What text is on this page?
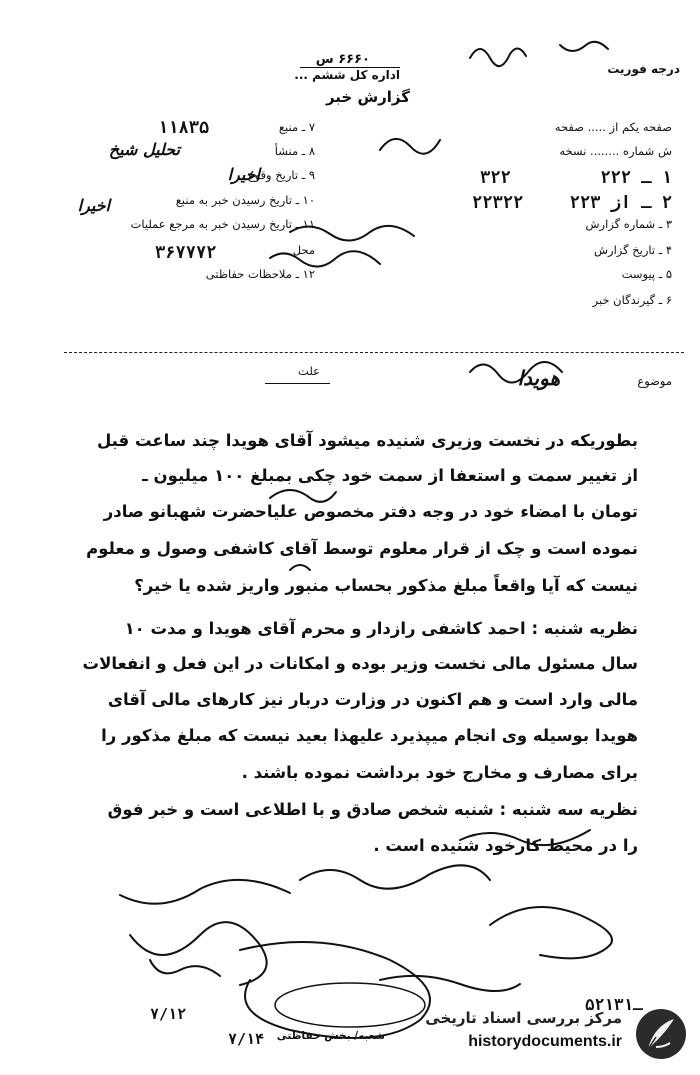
درجه فوریت
۶۶۶۰ س
اداره کل ششم ...
گزارش خبر
صفحه یکم از ..... صفحه
ش شماره ........ نسخه
۱ ـ ۲۲۲
۲ ـ از ۲۲۳
۳ ـ شماره گزارش
۴ ـ تاریخ گزارش
۵ ـ پیوست
۶ ـ گیرندگان خبر
۷ ـ منبع
۸ ـ منشأ
۹ ـ تاریخ وقوع
۱۰ ـ تاریخ رسیدن خبر به منبع
۱۱ ـ تاریخ رسیدن خبر به مرجع عملیات
محل
۱۲ ـ ملاحظات حفاظتی
۱۱۸۳۵
تحلیل شیخ
اخیرا
اخیرا
۳۶۷۷۷۲
۳۲۲
۲۲۳۲۲
موضوع
هویدا
علت
بطوریکه در نخست وزیری شنیده میشود آقای هویدا چند ساعت قبل
از تغییر سمت و استعفا از سمت خود چکی بمبلغ ۱۰۰ میلیون ـ
تومان با امضاء خود در وجه دفتر مخصوص علیاحضرت شهبانو صادر
نموده است و چک از قرار معلوم توسط آقای کاشفی وصول و معلوم
نیست که آیا واقعاً مبلغ مذکور بحساب منبور واریز شده یا خیر؟
نظریه شنبه : احمد کاشفی رازدار و محرم آقای هویدا و مدت ۱۰
سال مسئول مالی نخست وزیر بوده و امکانات در این فعل و انفعالات
مالی وارد است و هم اکنون در وزارت دربار نیز کارهای مالی آقای
هویدا بوسیله وی انجام میپذیرد علیهذا بعید نیست که مبلغ مذکور را
برای مصارف و مخارج خود برداشت نموده باشند .
نظریه سه شنبه : شنبه شخص صادق و با اطلاعی است و خبر فوق
را در محیط کارخود شنیده است .
۵۲ـ۱۳۱
۷/۱۲
۷/۱۴ شعبه/ بخش حفاظتی
مرکز بررسی اسناد تاریخی
historydocuments.ir
